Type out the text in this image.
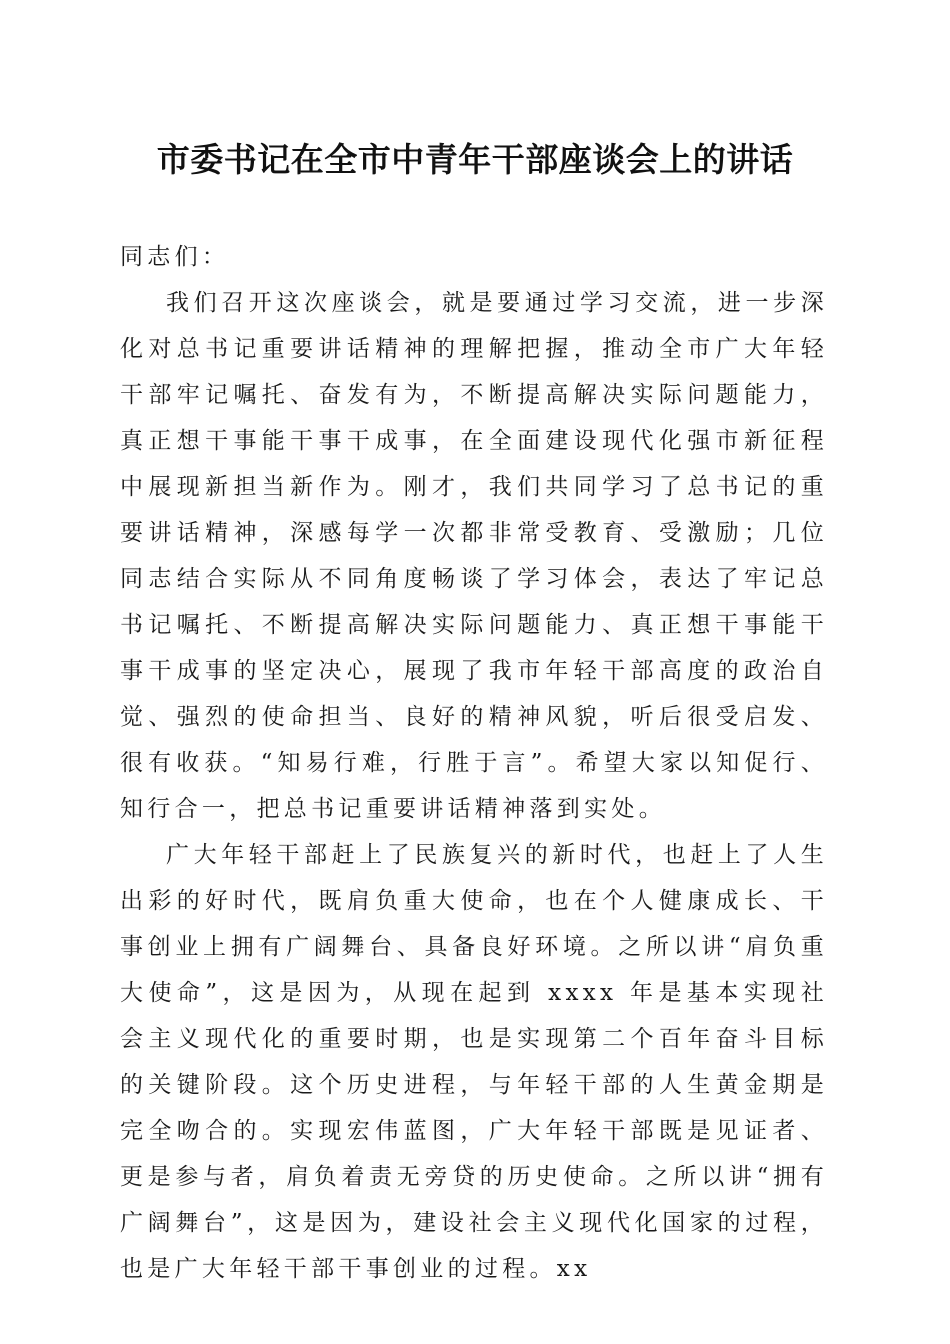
市委书记在全市中青年干部座谈会上的讲话

同志们：

我们召开这次座谈会，就是要通过学习交流，进一步深化对总书记重要讲话精神的理解把握，推动全市广大年轻干部牢记嘱托、奋发有为，不断提高解决实际问题能力，真正想干事能干事干成事，在全面建设现代化强市新征程中展现新担当新作为。刚才，我们共同学习了总书记的重要讲话精神，深感每学一次都非常受教育、受激励；几位同志结合实际从不同角度畅谈了学习体会，表达了牢记总书记嘱托、不断提高解决实际问题能力、真正想干事能干事干成事的坚定决心，展现了我市年轻干部高度的政治自觉、强烈的使命担当、良好的精神风貌，听后很受启发、很有收获。“知易行难，行胜于言”。希望大家以知促行、知行合一，把总书记重要讲话精神落到实处。

广大年轻干部赶上了民族复兴的新时代，也赶上了人生出彩的好时代，既肩负重大使命，也在个人健康成长、干事创业上拥有广阔舞台、具备良好环境。之所以讲“肩负重大使命”，这是因为，从现在起到 xxxx 年是基本实现社会主义现代化的重要时期，也是实现第二个百年奋斗目标的关键阶段。这个历史进程，与年轻干部的人生黄金期是完全吻合的。实现宏伟蓝图，广大年轻干部既是见证者、更是参与者，肩负着责无旁贷的历史使命。之所以讲“拥有广阔舞台”，这是因为，建设社会主义现代化国家的过程，也是广大年轻干部干事创业的过程。xx
